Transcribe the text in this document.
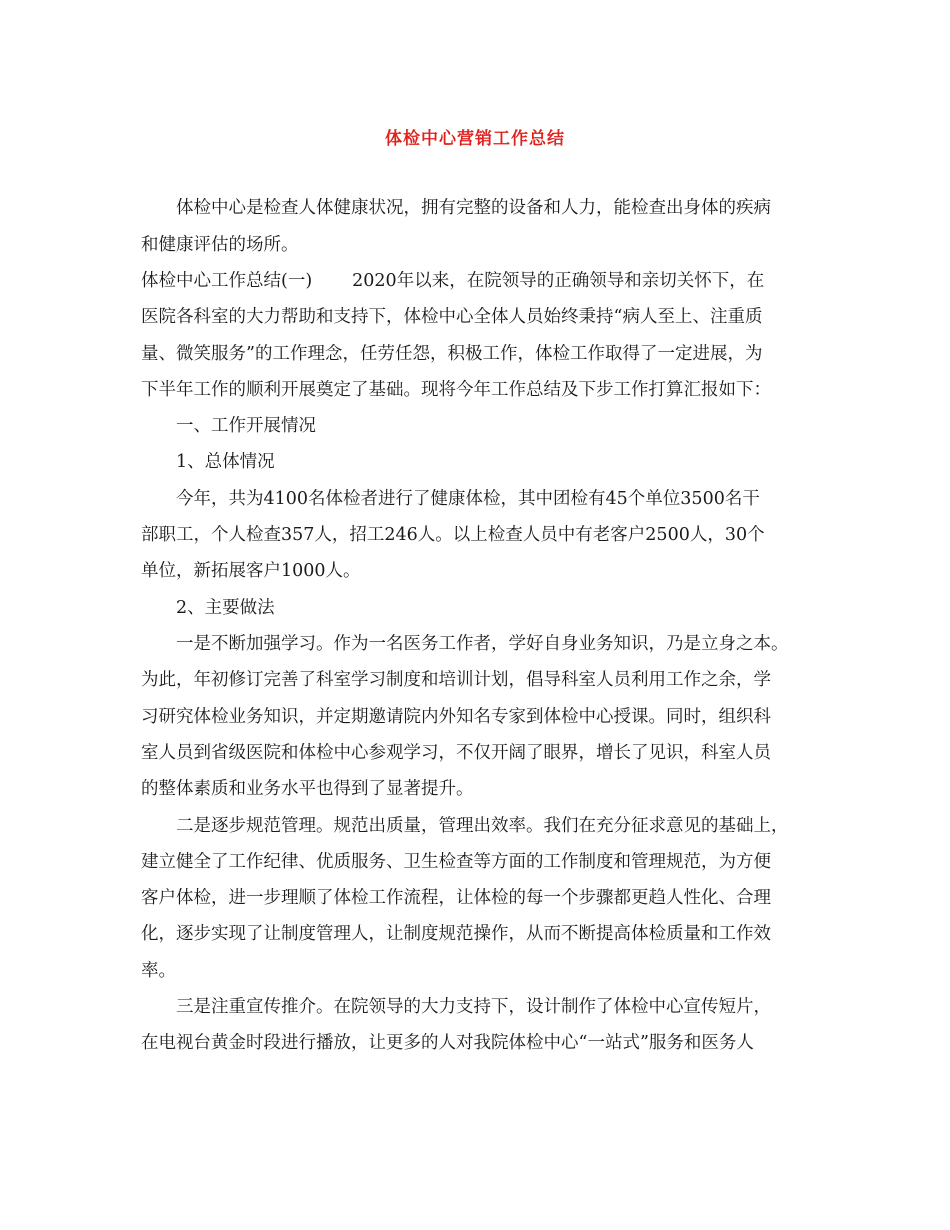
体检中心营销工作总结
体检中心是检查人体健康状况，拥有完整的设备和人力，能检查出身体的疾病
和健康评估的场所。
体检中心工作总结(一) 2020年以来，在院领导的正确领导和亲切关怀下，在
医院各科室的大力帮助和支持下，体检中心全体人员始终秉持“病人至上、注重质
量、微笑服务”的工作理念，任劳任怨，积极工作，体检工作取得了一定进展，为
下半年工作的顺利开展奠定了基础。现将今年工作总结及下步工作打算汇报如下：
一、工作开展情况
1、总体情况
今年，共为4100名体检者进行了健康体检，其中团检有45个单位3500名干
部职工，个人检查357人，招工246人。以上检查人员中有老客户2500人，30个
单位，新拓展客户1000人。
2、主要做法
一是不断加强学习。作为一名医务工作者，学好自身业务知识，乃是立身之本。
为此，年初修订完善了科室学习制度和培训计划，倡导科室人员利用工作之余，学
习研究体检业务知识，并定期邀请院内外知名专家到体检中心授课。同时，组织科
室人员到省级医院和体检中心参观学习，不仅开阔了眼界，增长了见识，科室人员
的整体素质和业务水平也得到了显著提升。
二是逐步规范管理。规范出质量，管理出效率。我们在充分征求意见的基础上，
建立健全了工作纪律、优质服务、卫生检查等方面的工作制度和管理规范，为方便
客户体检，进一步理顺了体检工作流程，让体检的每一个步骤都更趋人性化、合理
化，逐步实现了让制度管理人，让制度规范操作，从而不断提高体检质量和工作效
率。
三是注重宣传推介。在院领导的大力支持下，设计制作了体检中心宣传短片，
在电视台黄金时段进行播放，让更多的人对我院体检中心“一站式”服务和医务人
